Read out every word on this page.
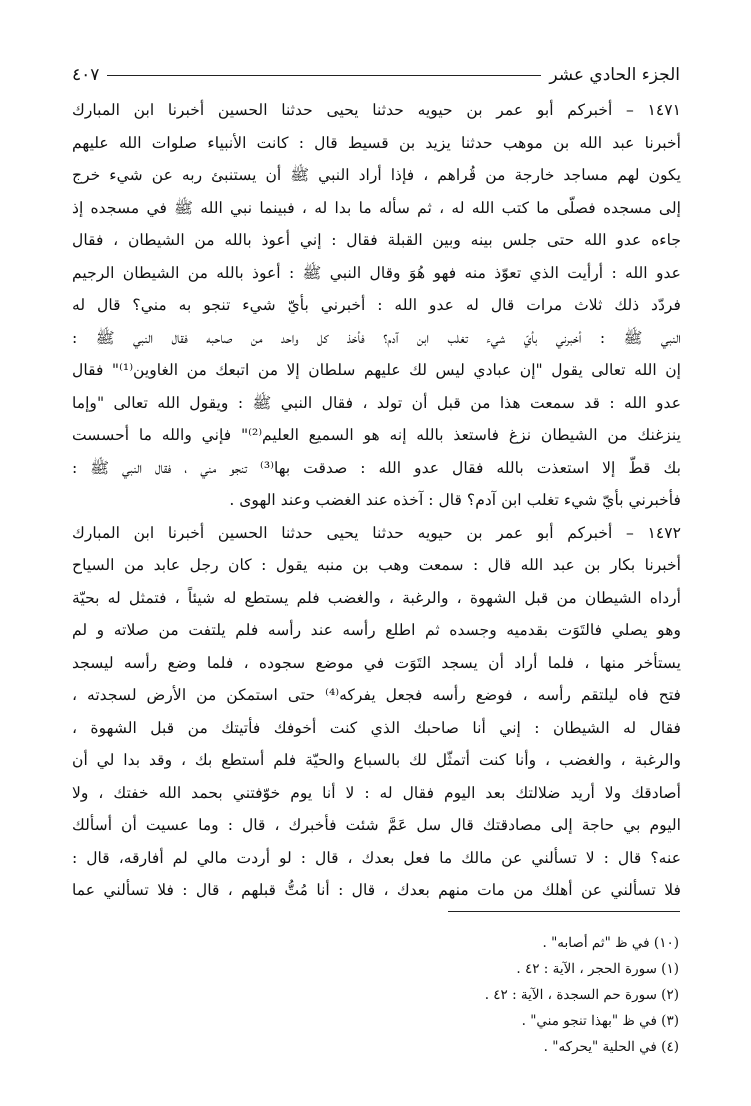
الجزء الحادي عشر
٤٠٧
١٤٧١ – أخبركم أبو عمر بن حيويه حدثنا يحيى حدثنا الحسين أخبرنا ابن المبارك
أخبرنا عبد الله بن موهب حدثنا يزيد بن قسيط قال : كانت الأنبياء صلوات الله عليهم
يكون لهم مساجد خارجة من قُراهم ، فإذا أراد النبي ﷺ أن يستنبئ ربه عن شيء خرج
إلى مسجده فصلّى ما كتب الله له ، ثم سأله ما بدا له ، فبينما نبي الله ﷺ في مسجده إذ
جاءه عدو الله حتى جلس بينه وبين القبلة فقال : إني أعوذ بالله من الشيطان ، فقال
عدو الله : أرأيت الذي تعوّذ منه فهو هُوَ وقال النبي ﷺ : أعوذ بالله من الشيطان الرجيم
فردّد ذلك ثلاث مرات قال له عدو الله : أخبرني بأيّ شيء تنجو به مني؟ قال له
النبي ﷺ : أخبرني بأيّ شيء تغلب ابن آدم؟ فأخذ كل واحد من صاحبه فقال النبي ﷺ :
إن الله تعالى يقول "إن عبادي ليس لك عليهم سلطان إلا من اتبعك من الغاوين⁽¹⁾" فقال
عدو الله : قد سمعت هذا من قبل أن تولد ، فقال النبي ﷺ : ويقول الله تعالى "وإما
ينزغنك من الشيطان نزغ فاستعذ بالله إنه هو السميع العليم⁽²⁾" فإني والله ما أحسست
بك قطّ إلا استعذت بالله فقال عدو الله : صدقت بها⁽³⁾ تنجو مني ، فقال النبي ﷺ :
فأخبرني بأيّ شيء تغلب ابن آدم؟ قال : آخذه عند الغضب وعند الهوى .
١٤٧٢ – أخبركم أبو عمر بن حيويه حدثنا يحيى حدثنا الحسين أخبرنا ابن المبارك
أخبرنا بكار بن عبد الله قال : سمعت وهب بن منبه يقول : كان رجل عابد من السياح
أرداه الشيطان من قبل الشهوة ، والرغبة ، والغضب فلم يستطع له شيئاً ، فتمثل له بحيّة
وهو يصلي فالتَوَت بقدميه وجسده ثم اطلع رأسه عند رأسه فلم يلتفت من صلاته و لم
يستأخر منها ، فلما أراد أن يسجد التَوَت في موضع سجوده ، فلما وضع رأسه ليسجد
فتح فاه ليلتقم رأسه ، فوضع رأسه فجعل يفركه⁽⁴⁾ حتى استمكن من الأرض لسجدته ،
فقال له الشيطان : إني أنا صاحبك الذي كنت أخوفك فأتيتك من قبل الشهوة ،
والرغبة ، والغضب ، وأنا كنت أتمثّل لك بالسباع والحيّة فلم أستطع بك ، وقد بدا لي أن
أصادقك ولا أريد ضلالتك بعد اليوم فقال له : لا أنا يوم خوّفتني بحمد الله خفتك ، ولا
اليوم بي حاجة إلى مصادقتك قال سل عَمَّ شئت فأخبرك ، قال : وما عسيت أن أسألك
عنه؟ قال : لا تسألني عن مالك ما فعل بعدك ، قال : لو أردت مالي لم أفارقه، قال :
فلا تسألني عن أهلك من مات منهم بعدك ، قال : أنا مُتُّ قبلهم ، قال : فلا تسألني عما
(١٠) في ظ "ثم أصابه" .
(١) سورة الحجر ، الآية : ٤٢ .
(٢) سورة حم السجدة ، الآية : ٤٢ .
(٣) في ظ "بهذا تنجو مني" .
(٤) في الحلية "يحركه" .
